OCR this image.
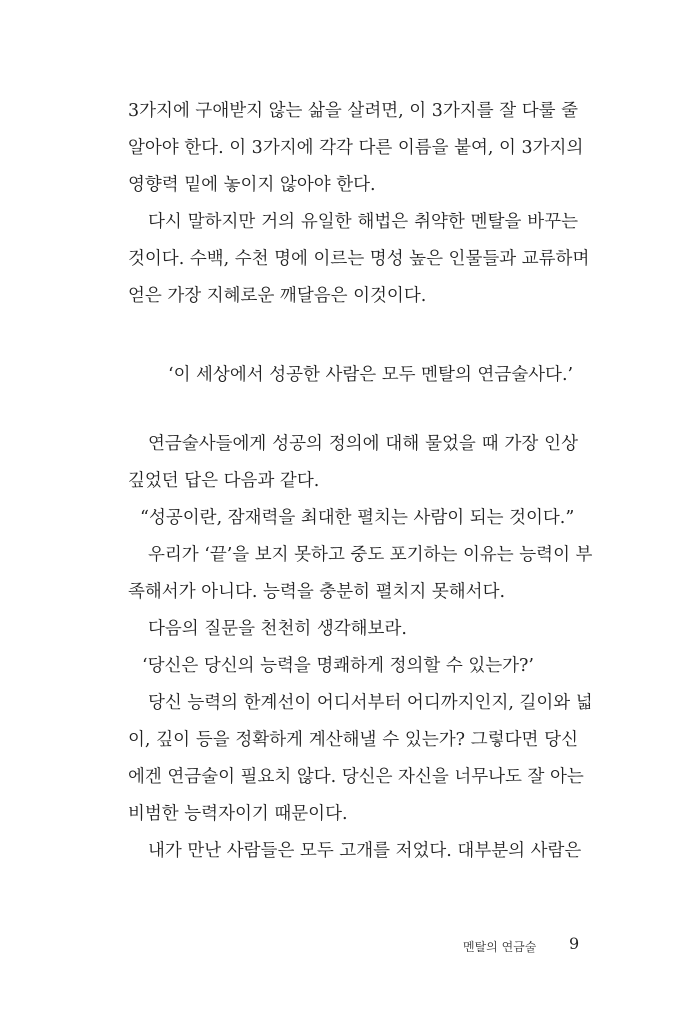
3가지에 구애받지 않는 삶을 살려면, 이 3가지를 잘 다룰 줄
알아야 한다. 이 3가지에 각각 다른 이름을 붙여, 이 3가지의
영향력 밑에 놓이지 않아야 한다.
다시 말하지만 거의 유일한 해법은 취약한 멘탈을 바꾸는
것이다. 수백, 수천 명에 이르는 명성 높은 인물들과 교류하며
얻은 가장 지혜로운 깨달음은 이것이다.
‘이 세상에서 성공한 사람은 모두 멘탈의 연금술사다.’
연금술사들에게 성공의 정의에 대해 물었을 때 가장 인상
깊었던 답은 다음과 같다.
“성공이란, 잠재력을 최대한 펼치는 사람이 되는 것이다.”
우리가 ‘끝’을 보지 못하고 중도 포기하는 이유는 능력이 부
족해서가 아니다. 능력을 충분히 펼치지 못해서다.
다음의 질문을 천천히 생각해보라.
‘당신은 당신의 능력을 명쾌하게 정의할 수 있는가?’
당신 능력의 한계선이 어디서부터 어디까지인지, 길이와 넓
이, 깊이 등을 정확하게 계산해낼 수 있는가? 그렇다면 당신
에겐 연금술이 필요치 않다. 당신은 자신을 너무나도 잘 아는
비범한 능력자이기 때문이다.
내가 만난 사람들은 모두 고개를 저었다. 대부분의 사람은
멘탈의 연금술 9
